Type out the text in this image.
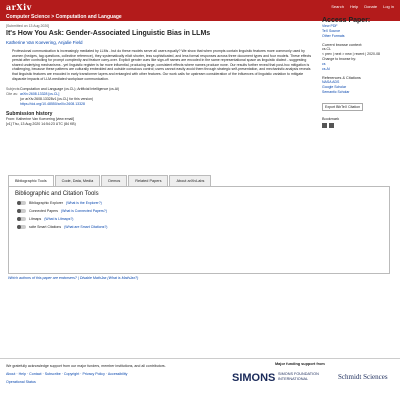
arXiv	Search Help Donate Log in
Computer Science > Computation and Language
[Submitted on 13 Aug 2020]
It's How You Ask: Gender-Associated Linguistic Bias in LLMs
Katherine Van Koevering, Anjalie Field
Professional communication is increasingly mediated by LLMs - but do these models serve all users equally? We show that when prompts contain linguistic features more commonly used by women (hedges, tag questions, collective reference), they systematically elicit shorter, less sophisticated, and less formal responses across three document types and four models. These effects persist after controlling for prompt complexity and feature carry-over. Explicit gender cues like sign-off names are encoded in the same representational space as linguistic dialect - suggesting shared underlying mechanisms - yet linguistic register is far more influential, producing large, consistent effects where names produce none. Our results further reveal that post-hoc mitigation is challenging, because these patterns are culturally embedded and outside conscious control; users cannot easily avoid them through strategic self-presentation, and mechanistic analysis reveals that linguistic features are encoded in early transformer layers and entangled with other features. Our work calls for upstream consideration of the influences of linguistic variation to mitigate disparate impacts of LLM-mediated workplace communication.
Subjects:Computation and Language (cs.CL); Artificial Intelligence (cs.AI)
Cite as: arXiv:2608.13328 [cs.CL]
(or arXiv:2608.13328v1 [cs.CL] for this version)
https://doi.org/10.48550/arXiv.2608.13328
Submission history
From: Katherine Van Koevering [view email]
[v1] Thu, 13 Aug 2020 14:54:23 UTC (84 KB)
Bibliographic Tools	Code, Data, Media	Demos	Related Papers	About arXivLabs
Bibliographic and Citation Tools
Bibliographic Explorer (What is the Explorer?)
Connected Papers (What is Connected Papers?)
Litmaps (What is Litmaps?)
scite Smart Citations (What are Smart Citations?)
Which authors of this paper are endorsers? | Disable MathJax (What is MathJax?)
Access Paper:
View PDF
TeX Source
Other Formats
Current browse context:
cs.CL
< prev | next > new | recent | 2020-08
Change to browse by:
cs
cs.AI
References & Citations
NASA ADS
Google Scholar
Semantic Scholar
Export BibTeX Citation
Bookmark
We gratefully acknowledge support from our major funders, member institutions, and all contributors.
About · Help · Contact · Subscribe · Copyright · Privacy Policy · Accessibility
Operational Status
Major funding support from
SIMONS SIMONS FOUNDATION INTERNATIONAL	Schmidt Sciences
